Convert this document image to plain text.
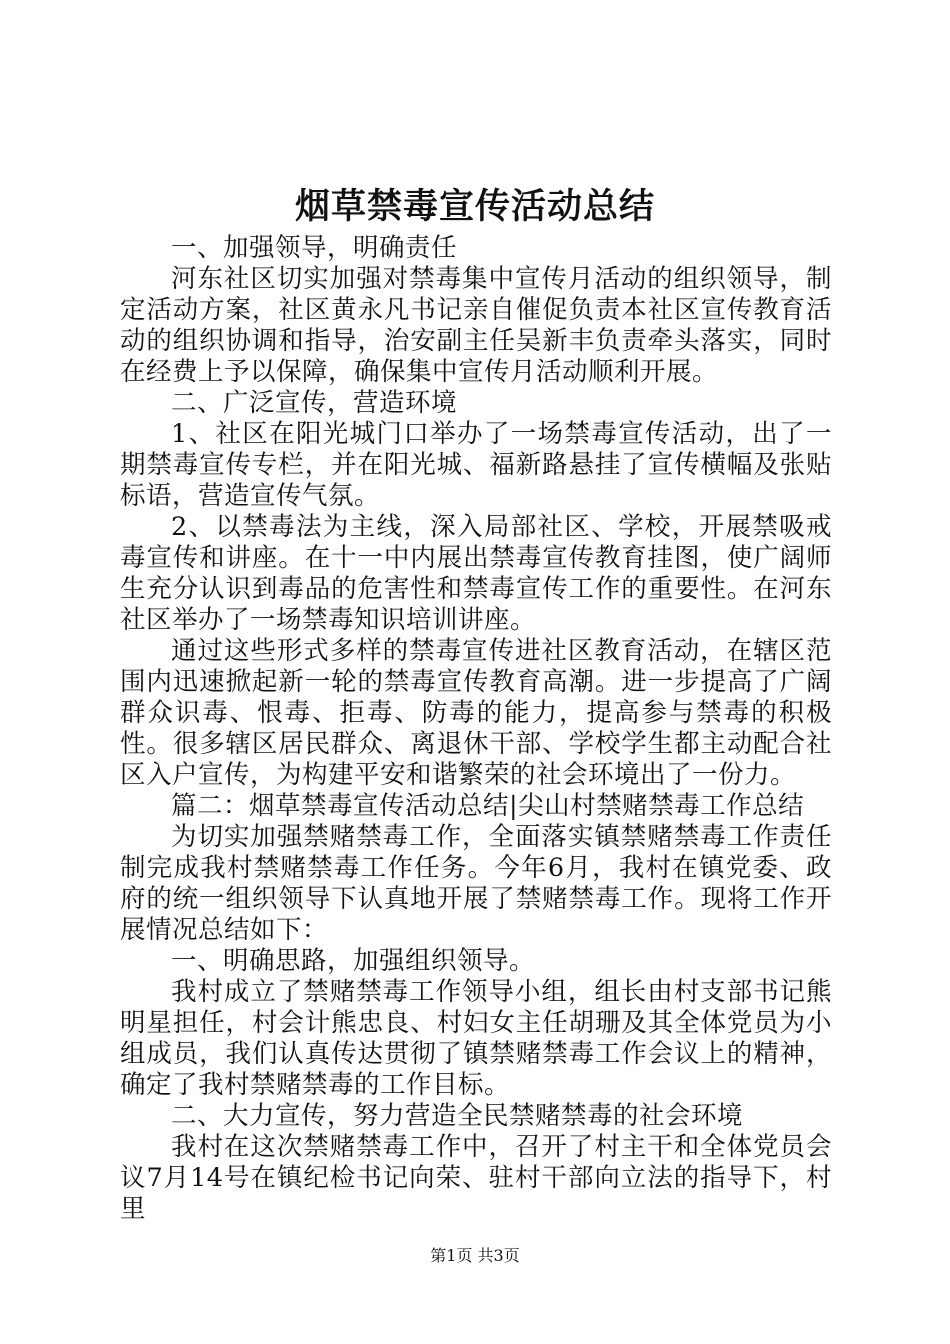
烟草禁毒宣传活动总结

一、加强领导，明确责任

河东社区切实加强对禁毒集中宣传月活动的组织领导，制定活动方案，社区黄永凡书记亲自催促负责本社区宣传教育活动的组织协调和指导，治安副主任吴新丰负责牵头落实，同时在经费上予以保障，确保集中宣传月活动顺利开展。

二、广泛宣传，营造环境

1、社区在阳光城门口举办了一场禁毒宣传活动，出了一期禁毒宣传专栏，并在阳光城、福新路悬挂了宣传横幅及张贴标语，营造宣传气氛。

2、以禁毒法为主线，深入局部社区、学校，开展禁吸戒毒宣传和讲座。在十一中内展出禁毒宣传教育挂图，使广阔师生充分认识到毒品的危害性和禁毒宣传工作的重要性。在河东社区举办了一场禁毒知识培训讲座。

通过这些形式多样的禁毒宣传进社区教育活动，在辖区范围内迅速掀起新一轮的禁毒宣传教育高潮。进一步提高了广阔群众识毒、恨毒、拒毒、防毒的能力，提高参与禁毒的积极性。很多辖区居民群众、离退休干部、学校学生都主动配合社区入户宣传，为构建平安和谐繁荣的社会环境出了一份力。

篇二：烟草禁毒宣传活动总结|尖山村禁赌禁毒工作总结

为切实加强禁赌禁毒工作，全面落实镇禁赌禁毒工作责任制完成我村禁赌禁毒工作任务。今年6月，我村在镇党委、政府的统一组织领导下认真地开展了禁赌禁毒工作。现将工作开展情况总结如下：

一、明确思路，加强组织领导。

我村成立了禁赌禁毒工作领导小组，组长由村支部书记熊明星担任，村会计熊忠良、村妇女主任胡珊及其全体党员为小组成员，我们认真传达贯彻了镇禁赌禁毒工作会议上的精神，确定了我村禁赌禁毒的工作目标。

二、大力宣传，努力营造全民禁赌禁毒的社会环境

我村在这次禁赌禁毒工作中，召开了村主干和全体党员会议7月14号在镇纪检书记向荣、驻村干部向立法的指导下，村里

第1页 共3页
